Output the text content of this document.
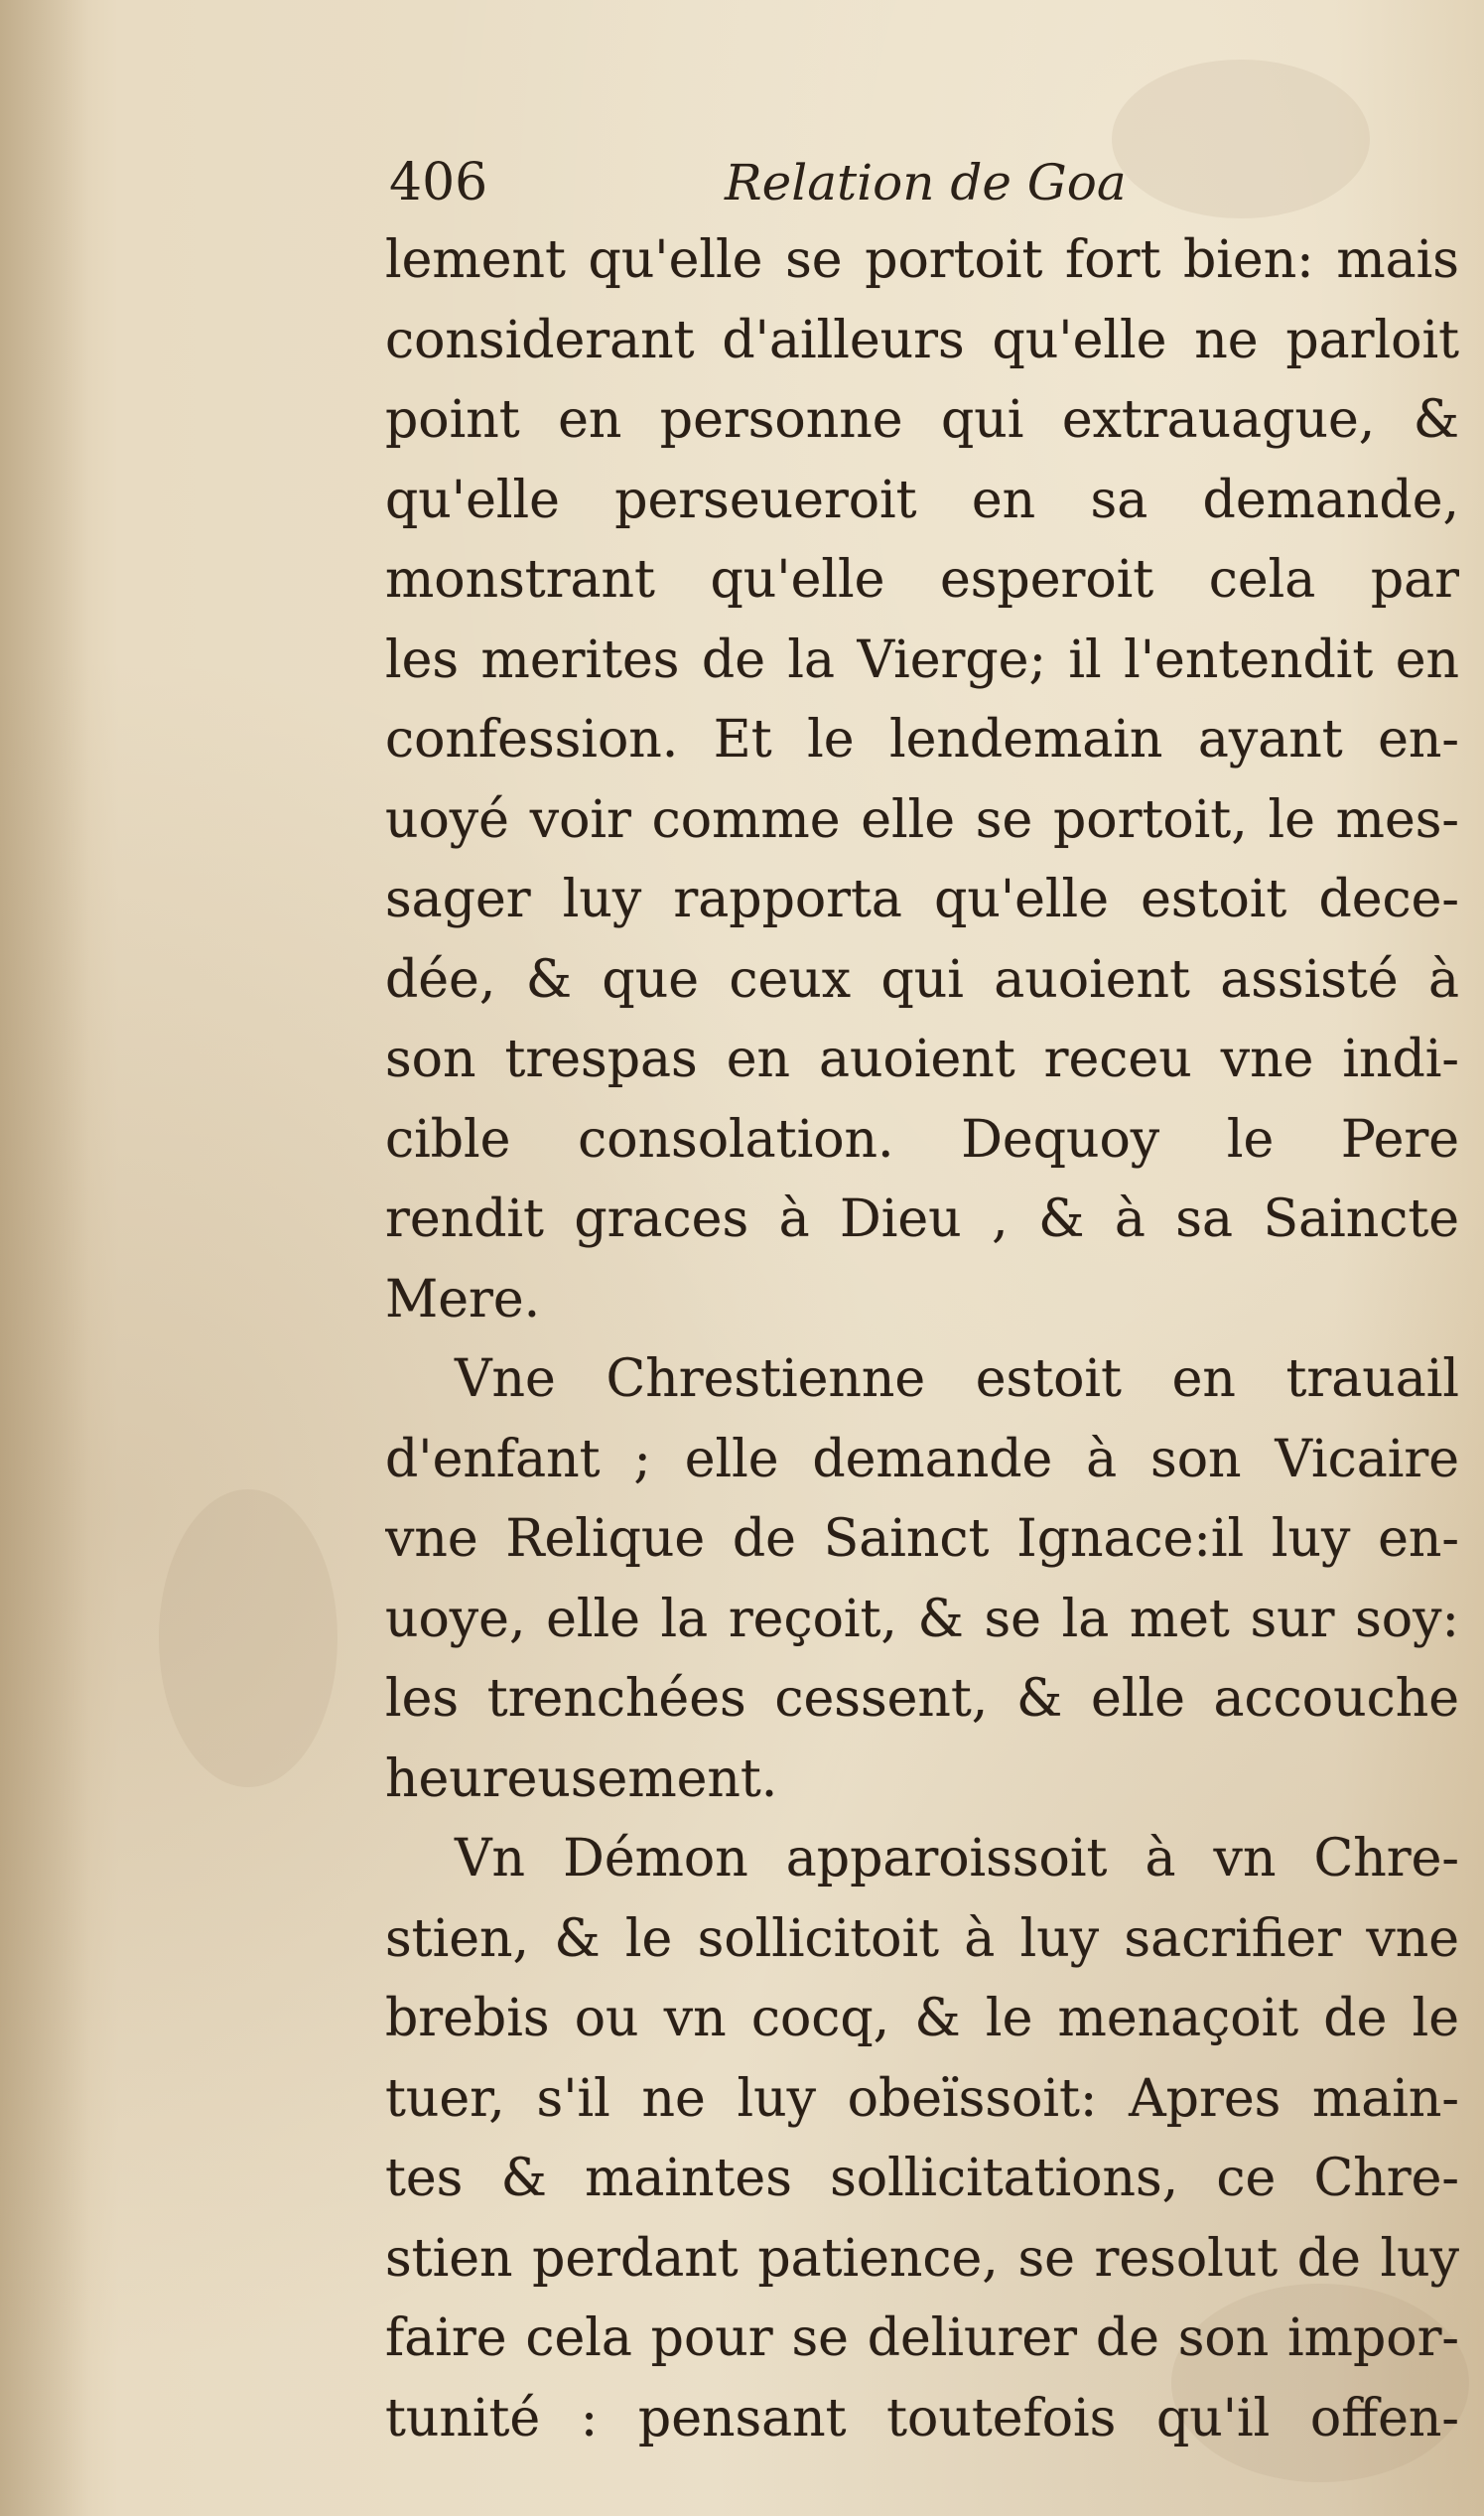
406	Relation de Goa
lement qu'elle se portoit fort bien: mais
considerant d'ailleurs qu'elle ne parloit
point en personne qui extrauague, &
qu'elle perseueroit en sa demande,
monstrant qu'elle esperoit cela par
les merites de la Vierge; il l'entendit en
confession. Et le lendemain ayant en-
uoyé voir comme elle se portoit, le mes-
sager luy rapporta qu'elle estoit dece-
dée, & que ceux qui auoient assisté à
son trespas en auoient receu vne indi-
cible consolation. Dequoy le Pere
rendit graces à Dieu , & à sa Saincte
Mere.
Vne Chrestienne estoit en trauail
d'enfant ; elle demande à son Vicaire
vne Relique de Sainct Ignace:il luy en-
uoye, elle la reçoit, & se la met sur soy:
les trenchées cessent, & elle accouche
heureusement.
Vn Démon apparoissoit à vn Chre-
stien, & le sollicitoit à luy sacrifier vne
brebis ou vn cocq, & le menaçoit de le
tuer, s'il ne luy obeïssoit: Apres main-
tes & maintes sollicitations, ce Chre-
stien perdant patience, se resolut de luy
faire cela pour se deliurer de son impor-
tunité : pensant toutefois qu'il offen-
